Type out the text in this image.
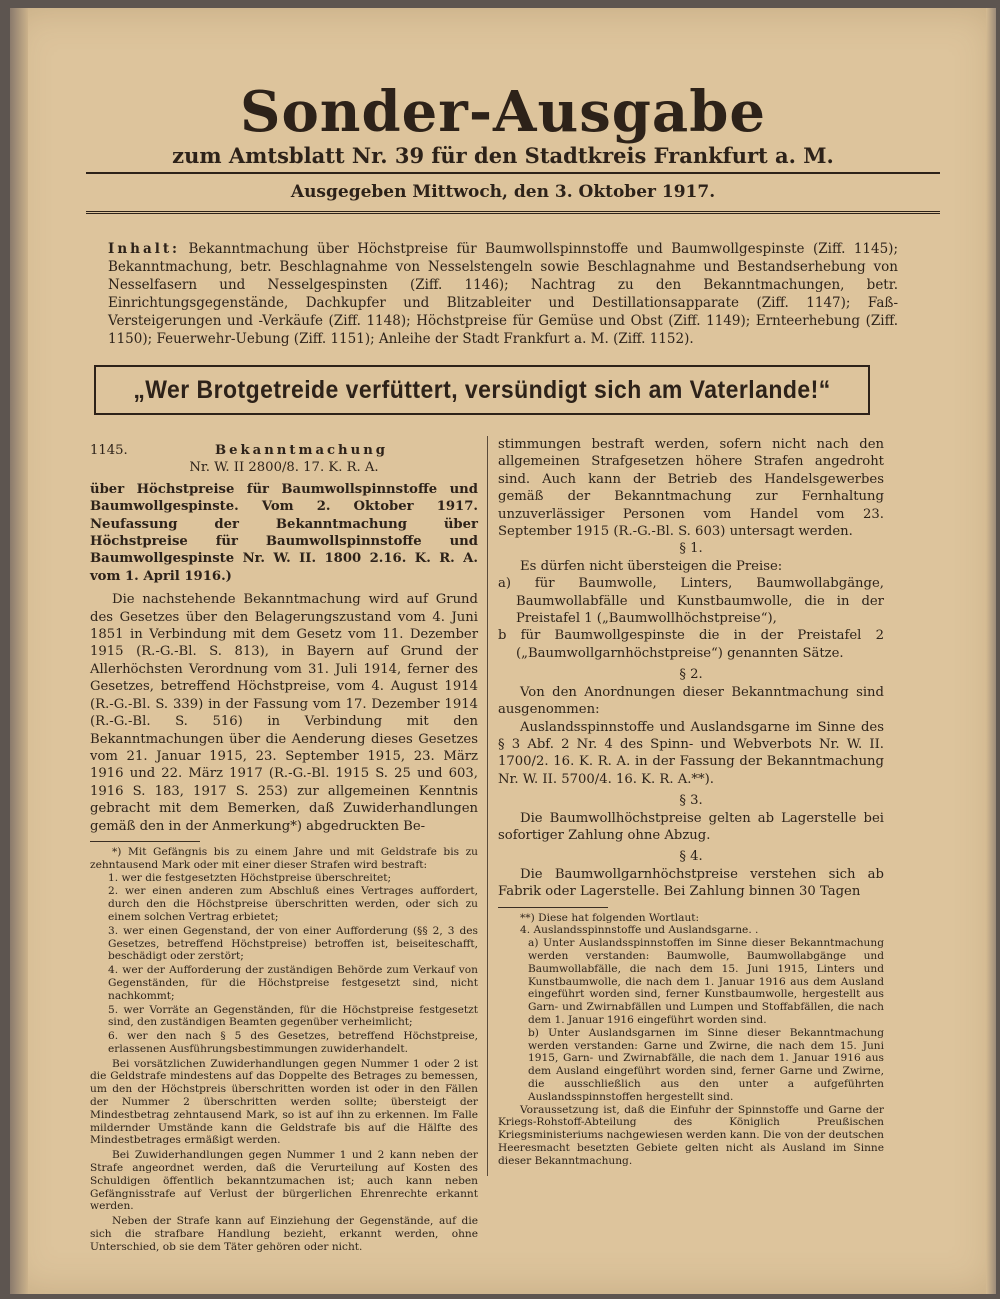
Sonder-Ausgabe
zum Amtsblatt Nr. 39 für den Stadtkreis Frankfurt a. M.
Ausgegeben Mittwoch, den 3. Oktober 1917.
Inhalt: Bekanntmachung über Höchstpreise für Baumwollspinnstoffe und Baumwollgespinste (Ziff. 1145); Bekanntmachung, betr. Beschlagnahme von Nesselstengeln sowie Beschlagnahme und Bestandserhebung von Nesselfasern und Nesselgespinsten (Ziff. 1146); Nachtrag zu den Bekanntmachungen, betr. Einrichtungsgegenstände, Dachkupfer und Blitzableiter und Destillationsapparate (Ziff. 1147); Faß-Versteigerungen und -Verkäufe (Ziff. 1148); Höchstpreise für Gemüse und Obst (Ziff. 1149); Ernteerhebung (Ziff. 1150); Feuerwehr-Uebung (Ziff. 1151); Anleihe der Stadt Frankfurt a. M. (Ziff. 1152).
„Wer Brotgetreide verfüttert, versündigt sich am Vaterlande!“
1145.	Bekanntmachung

Nr. W. II 2800/8. 17. K. R. A.

über Höchstpreise für Baumwollspinnstoffe und Baumwollgespinste. Vom 2. Oktober 1917. Neufassung der Bekanntmachung über Höchstpreise für Baumwollspinnstoffe und Baumwollgespinste Nr. W. II. 1800 2.16. K. R. A. vom 1. April 1916.)

Die nachstehende Bekanntmachung wird auf Grund des Gesetzes über den Belagerungszustand vom 4. Juni 1851 in Verbindung mit dem Gesetz vom 11. Dezember 1915 (R.-G.-Bl. S. 813), in Bayern auf Grund der Allerhöchsten Verordnung vom 31. Juli 1914, ferner des Gesetzes, betreffend Höchstpreise, vom 4. August 1914 (R.-G.-Bl. S. 339) in der Fassung vom 17. Dezember 1914 (R.-G.-Bl. S. 516) in Verbindung mit den Bekanntmachungen über die Aenderung dieses Gesetzes vom 21. Januar 1915, 23. September 1915, 23. März 1916 und 22. März 1917 (R.-G.-Bl. 1915 S. 25 und 603, 1916 S. 183, 1917 S. 253) zur allgemeinen Kenntnis gebracht mit dem Bemerken, daß Zuwiderhandlungen gemäß den in der Anmerkung*) abgedruckten Be-

*) Mit Gefängnis bis zu einem Jahre und mit Geldstrafe bis zu zehntausend Mark oder mit einer dieser Strafen wird bestraft:

1. wer die festgesetzten Höchstpreise überschreitet;

2. wer einen anderen zum Abschluß eines Vertrages auffordert, durch den die Höchstpreise überschritten werden, oder sich zu einem solchen Vertrag erbietet;

3. wer einen Gegenstand, der von einer Aufforderung (§§ 2, 3 des Gesetzes, betreffend Höchstpreise) betroffen ist, beiseiteschafft, beschädigt oder zerstört;

4. wer der Aufforderung der zuständigen Behörde zum Verkauf von Gegenständen, für die Höchstpreise festgesetzt sind, nicht nachkommt;

5. wer Vorräte an Gegenständen, für die Höchstpreise festgesetzt sind, den zuständigen Beamten gegenüber verheimlicht;

6. wer den nach § 5 des Gesetzes, betreffend Höchstpreise, erlassenen Ausführungsbestimmungen zuwiderhandelt.

Bei vorsätzlichen Zuwiderhandlungen gegen Nummer 1 oder 2 ist die Geldstrafe mindestens auf das Doppelte des Betrages zu bemessen, um den der Höchstpreis überschritten worden ist oder in den Fällen der Nummer 2 überschritten werden sollte; übersteigt der Mindestbetrag zehntausend Mark, so ist auf ihn zu erkennen. Im Falle mildernder Umstände kann die Geldstrafe bis auf die Hälfte des Mindestbetrages ermäßigt werden.

Bei Zuwiderhandlungen gegen Nummer 1 und 2 kann neben der Strafe angeordnet werden, daß die Verurteilung auf Kosten des Schuldigen öffentlich bekanntzumachen ist; auch kann neben Gefängnisstrafe auf Verlust der bürgerlichen Ehrenrechte erkannt werden.

Neben der Strafe kann auf Einziehung der Gegenstände, auf die sich die strafbare Handlung bezieht, erkannt werden, ohne Unterschied, ob sie dem Täter gehören oder nicht.

stimmungen bestraft werden, sofern nicht nach den allgemeinen Strafgesetzen höhere Strafen angedroht sind. Auch kann der Betrieb des Handelsgewerbes gemäß der Bekanntmachung zur Fernhaltung unzuverlässiger Personen vom Handel vom 23. September 1915 (R.-G.-Bl. S. 603) untersagt werden.

§ 1.

Es dürfen nicht übersteigen die Preise:

a) für Baumwolle, Linters, Baumwollabgänge, Baumwollabfälle und Kunstbaumwolle, die in der Preistafel 1 („Baumwollhöchstpreise“),

b für Baumwollgespinste die in der Preistafel 2 („Baumwollgarnhöchstpreise“) genannten Sätze.

§ 2.

Von den Anordnungen dieser Bekanntmachung sind ausgenommen:

Auslandsspinnstoffe und Auslandsgarne im Sinne des § 3 Abf. 2 Nr. 4 des Spinn- und Webverbots Nr. W. II. 1700/2. 16. K. R. A. in der Fassung der Bekanntmachung Nr. W. II. 5700/4. 16. K. R. A.**).

§ 3.

Die Baumwollhöchstpreise gelten ab Lagerstelle bei sofortiger Zahlung ohne Abzug.

§ 4.

Die Baumwollgarnhöchstpreise verstehen sich ab Fabrik oder Lagerstelle. Bei Zahlung binnen 30 Tagen

**) Diese hat folgenden Wortlaut:

4. Auslandsspinnstoffe und Auslandsgarne. .

a) Unter Auslandsspinnstoffen im Sinne dieser Bekanntmachung werden verstanden: Baumwolle, Baumwollabgänge und Baumwollabfälle, die nach dem 15. Juni 1915, Linters und Kunstbaumwolle, die nach dem 1. Januar 1916 aus dem Ausland eingeführt worden sind, ferner Kunstbaumwolle, hergestellt aus Garn- und Zwirnabfällen und Lumpen und Stoffabfällen, die nach dem 1. Januar 1916 eingeführt worden sind.

b) Unter Auslandsgarnen im Sinne dieser Bekanntmachung werden verstanden: Garne und Zwirne, die nach dem 15. Juni 1915, Garn- und Zwirnabfälle, die nach dem 1. Januar 1916 aus dem Ausland eingeführt worden sind, ferner Garne und Zwirne, die ausschließlich aus den unter a aufgeführten Auslandsspinnstoffen hergestellt sind.

Voraussetzung ist, daß die Einfuhr der Spinnstoffe und Garne der Kriegs-Rohstoff-Abteilung des Königlich Preußischen Kriegsministeriums nachgewiesen werden kann. Die von der deutschen Heeresmacht besetzten Gebiete gelten nicht als Ausland im Sinne dieser Bekanntmachung.
